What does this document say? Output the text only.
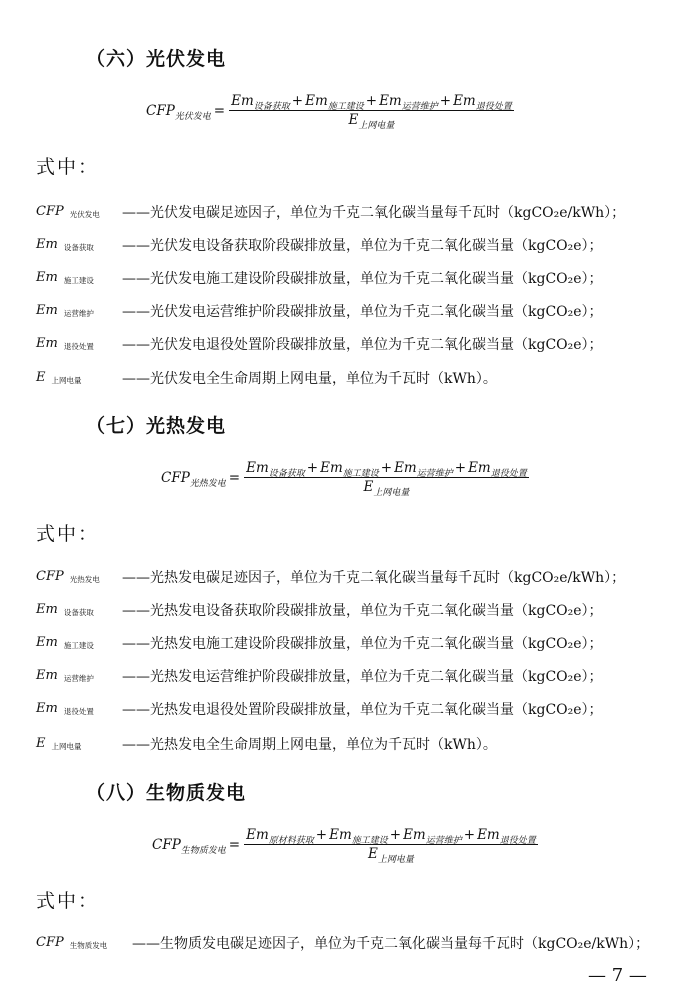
（六）光伏发电
$CFP_{光伏发电} = \frac{Em_{设备获取} + Em_{施工建设} + Em_{运营维护} + Em_{退役处置}}{E_{上网电量}}$
式中：
CFP 光伏发电 ——光伏发电碳足迹因子，单位为千克二氧化碳当量每千瓦时（kgCO₂e/kWh）；
Em 设备获取 ——光伏发电设备获取阶段碳排放量，单位为千克二氧化碳当量（kgCO₂e）；
Em 施工建设 ——光伏发电施工建设阶段碳排放量，单位为千克二氧化碳当量（kgCO₂e）；
Em 运营维护 ——光伏发电运营维护阶段碳排放量，单位为千克二氧化碳当量（kgCO₂e）；
Em 退役处置 ——光伏发电退役处置阶段碳排放量，单位为千克二氧化碳当量（kgCO₂e）；
E上网电量	——光伏发电全生命周期上网电量，单位为千瓦时（kWh）。
（七）光热发电
$CFP_{光热发电} = \frac{Em_{设备获取} + Em_{施工建设} + Em_{运营维护} + Em_{退役处置}}{E_{上网电量}}$
式中：
CFP 光热发电 ——光热发电碳足迹因子，单位为千克二氧化碳当量每千瓦时（kgCO₂e/kWh）；
Em 设备获取 ——光热发电设备获取阶段碳排放量，单位为千克二氧化碳当量（kgCO₂e）；
Em 施工建设 ——光热发电施工建设阶段碳排放量，单位为千克二氧化碳当量（kgCO₂e）；
Em 运营维护 ——光热发电运营维护阶段碳排放量，单位为千克二氧化碳当量（kgCO₂e）；
Em 退役处置 ——光热发电退役处置阶段碳排放量，单位为千克二氧化碳当量（kgCO₂e）；
E上网电量	——光热发电全生命周期上网电量，单位为千瓦时（kWh）。
（八）生物质发电
$CFP_{生物质发电} = \frac{Em_{原材料获取} + Em_{施工建设} + Em_{运营维护} + Em_{退役处置}}{E_{上网电量}}$
式中：
CFP 生物质发电 ——生物质发电碳足迹因子，单位为千克二氧化碳当量每千瓦时（kgCO₂e/kWh）；
— 7 —
